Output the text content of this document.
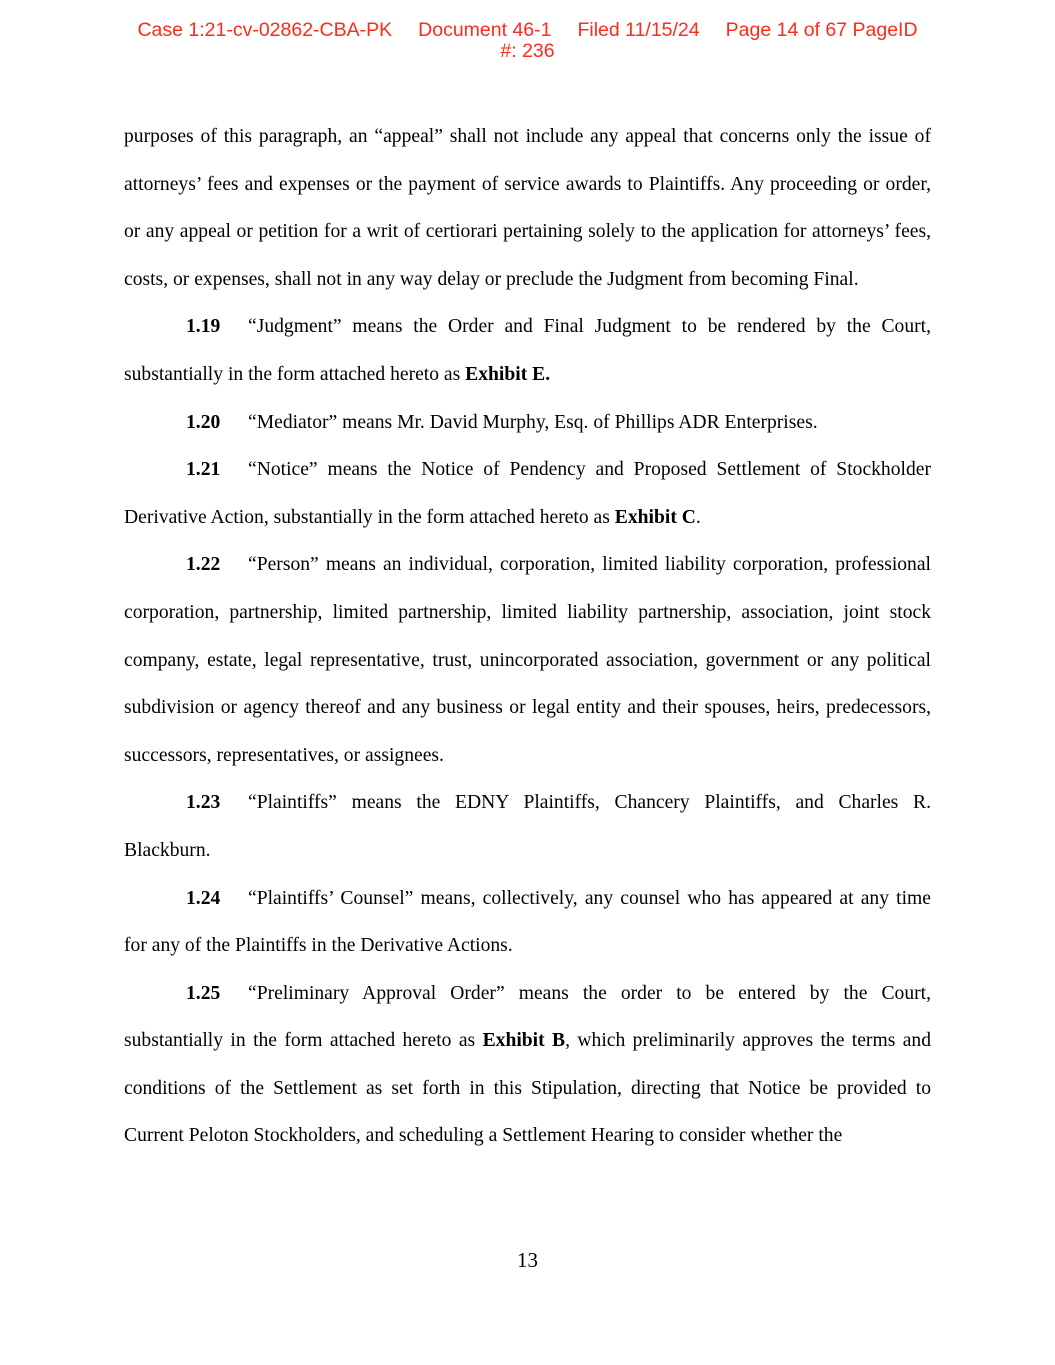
Case 1:21-cv-02862-CBA-PK Document 46-1 Filed 11/15/24 Page 14 of 67 PageID
#: 236

purposes of this paragraph, an “appeal” shall not include any appeal that concerns only the issue of attorneys’ fees and expenses or the payment of service awards to Plaintiffs. Any proceeding or order, or any appeal or petition for a writ of certiorari pertaining solely to the application for attorneys’ fees, costs, or expenses, shall not in any way delay or preclude the Judgment from becoming Final.

1.19 “Judgment” means the Order and Final Judgment to be rendered by the Court, substantially in the form attached hereto as Exhibit E.

1.20 “Mediator” means Mr. David Murphy, Esq. of Phillips ADR Enterprises.

1.21 “Notice” means the Notice of Pendency and Proposed Settlement of Stockholder Derivative Action, substantially in the form attached hereto as Exhibit C.

1.22 “Person” means an individual, corporation, limited liability corporation, professional corporation, partnership, limited partnership, limited liability partnership, association, joint stock company, estate, legal representative, trust, unincorporated association, government or any political subdivision or agency thereof and any business or legal entity and their spouses, heirs, predecessors, successors, representatives, or assignees.

1.23 “Plaintiffs” means the EDNY Plaintiffs, Chancery Plaintiffs, and Charles R. Blackburn.

1.24 “Plaintiffs’ Counsel” means, collectively, any counsel who has appeared at any time for any of the Plaintiffs in the Derivative Actions.

1.25 “Preliminary Approval Order” means the order to be entered by the Court, substantially in the form attached hereto as Exhibit B, which preliminarily approves the terms and conditions of the Settlement as set forth in this Stipulation, directing that Notice be provided to Current Peloton Stockholders, and scheduling a Settlement Hearing to consider whether the

13
